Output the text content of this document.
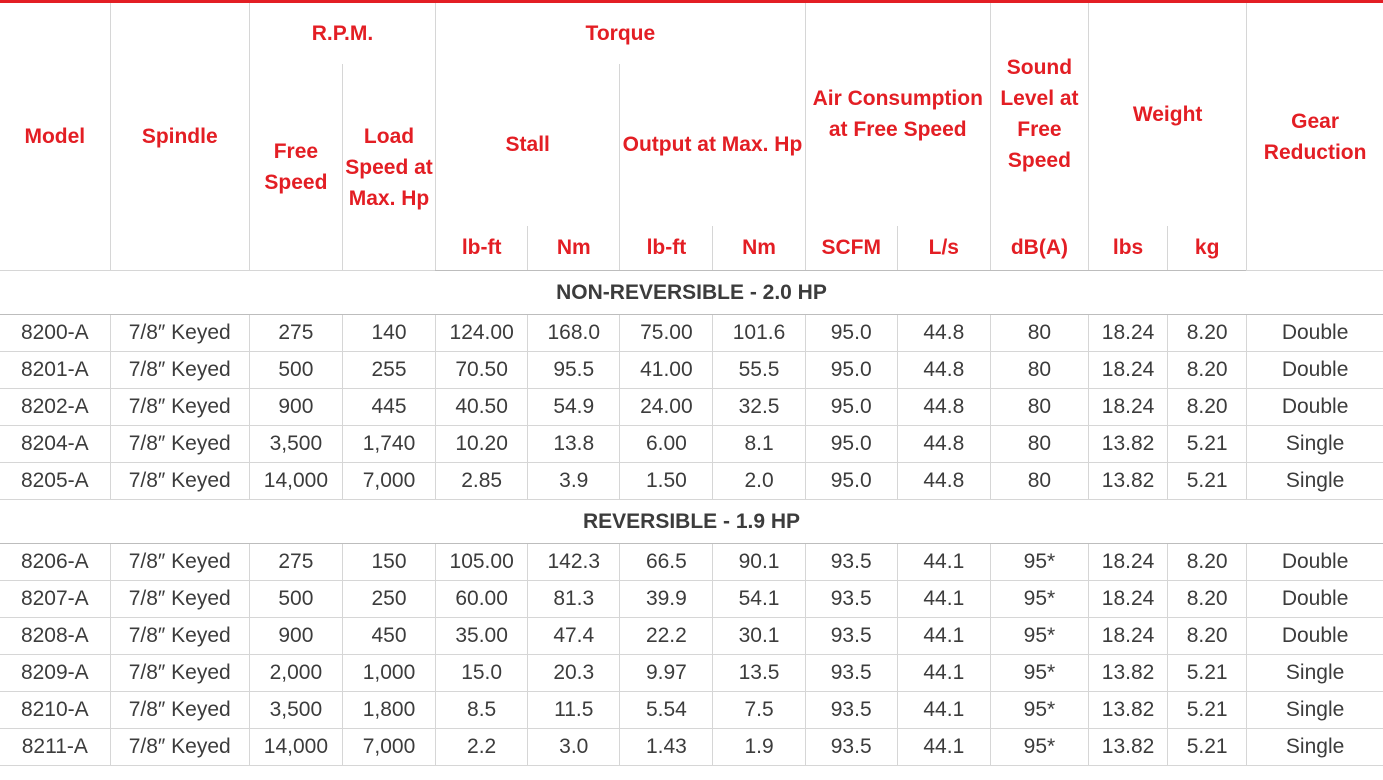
Model	Spindle	R.P.M.		Torque				Air Consumption at Free Speed		Sound Level at Free Speed	Weight		Gear Reduction
		Free Speed	Load Speed at Max. Hp	Stall		Output at Max. Hp							
				lb-ft	Nm	lb-ft	Nm	SCFM	L/s	dB(A)	lbs	kg	
NON-REVERSIBLE - 2.0 HP													
8200-A	7/8″ Keyed	275	140	124.00	168.0	75.00	101.6	95.0	44.8	80	18.24	8.20	Double
8201-A	7/8″ Keyed	500	255	70.50	95.5	41.00	55.5	95.0	44.8	80	18.24	8.20	Double
8202-A	7/8″ Keyed	900	445	40.50	54.9	24.00	32.5	95.0	44.8	80	18.24	8.20	Double
8204-A	7/8″ Keyed	3,500	1,740	10.20	13.8	6.00	8.1	95.0	44.8	80	13.82	5.21	Single
8205-A	7/8″ Keyed	14,000	7,000	2.85	3.9	1.50	2.0	95.0	44.8	80	13.82	5.21	Single
REVERSIBLE - 1.9 HP													
8206-A	7/8″ Keyed	275	150	105.00	142.3	66.5	90.1	93.5	44.1	95*	18.24	8.20	Double
8207-A	7/8″ Keyed	500	250	60.00	81.3	39.9	54.1	93.5	44.1	95*	18.24	8.20	Double
8208-A	7/8″ Keyed	900	450	35.00	47.4	22.2	30.1	93.5	44.1	95*	18.24	8.20	Double
8209-A	7/8″ Keyed	2,000	1,000	15.0	20.3	9.97	13.5	93.5	44.1	95*	13.82	5.21	Single
8210-A	7/8″ Keyed	3,500	1,800	8.5	11.5	5.54	7.5	93.5	44.1	95*	13.82	5.21	Single
8211-A	7/8″ Keyed	14,000	7,000	2.2	3.0	1.43	1.9	93.5	44.1	95*	13.82	5.21	Single
